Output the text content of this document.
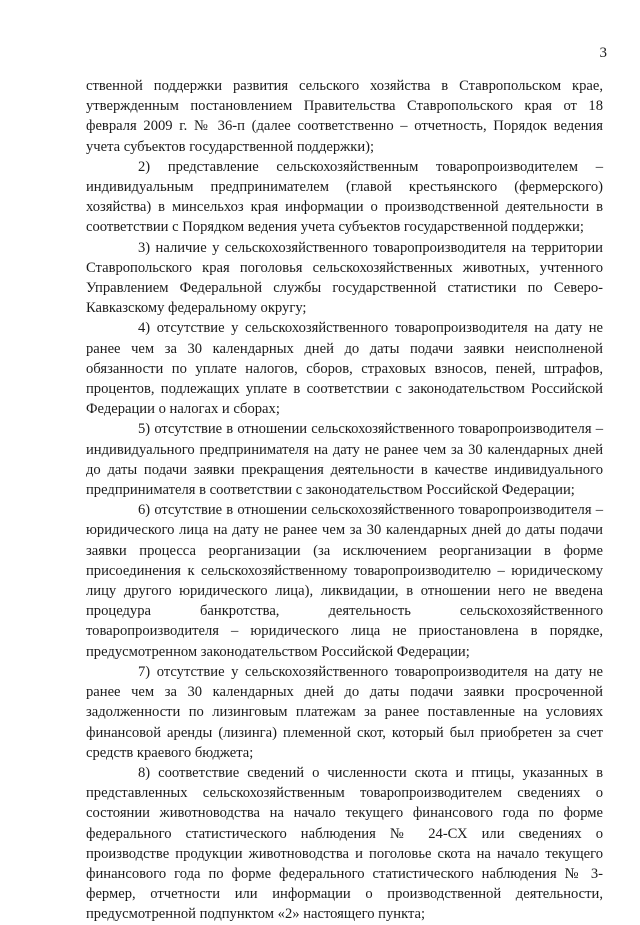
3

ственной поддержки развития сельского хозяйства в Ставропольском крае, утвержденным постановлением Правительства Ставропольского края от 18 февраля 2009 г. № 36-п (далее соответственно – отчетность, Порядок ведения учета субъектов государственной поддержки);

2) представление сельскохозяйственным товаропроизводителем – индивидуальным предпринимателем (главой крестьянского (фермерского) хозяйства) в минсельхоз края информации о производственной деятельности в соответствии с Порядком ведения учета субъектов государственной поддержки;

3) наличие у сельскохозяйственного товаропроизводителя на территории Ставропольского края поголовья сельскохозяйственных животных, учтенного Управлением Федеральной службы государственной статистики по Северо-Кавказскому федеральному округу;

4) отсутствие у сельскохозяйственного товаропроизводителя на дату не ранее чем за 30 календарных дней до даты подачи заявки неисполненой обязанности по уплате налогов, сборов, страховых взносов, пеней, штрафов, процентов, подлежащих уплате в соответствии с законодательством Российской Федерации о налогах и сборах;

5) отсутствие в отношении сельскохозяйственного товаропроизводителя – индивидуального предпринимателя на дату не ранее чем за 30 календарных дней до даты подачи заявки прекращения деятельности в качестве индивидуального предпринимателя в соответствии с законодательством Российской Федерации;

6) отсутствие в отношении сельскохозяйственного товаропроизводителя – юридического лица на дату не ранее чем за 30 календарных дней до даты подачи заявки процесса реорганизации (за исключением реорганизации в форме присоединения к сельскохозяйственному товаропроизводителю – юридическому лицу другого юридического лица), ликвидации, в отношении него не введена процедура банкротства, деятельность сельскохозяйственного товаропроизводителя – юридического лица не приостановлена в порядке, предусмотренном законодательством Российской Федерации;

7) отсутствие у сельскохозяйственного товаропроизводителя на дату не ранее чем за 30 календарных дней до даты подачи заявки просроченной задолженности по лизинговым платежам за ранее поставленные на условиях финансовой аренды (лизинга) племенной скот, который был приобретен за счет средств краевого бюджета;

8) соответствие сведений о численности скота и птицы, указанных в представленных сельскохозяйственным товаропроизводителем сведениях о состоянии животноводства на начало текущего финансового года по форме федерального статистического наблюдения № 24-СХ или сведениях о производстве продукции животноводства и поголовье скота на начало текущего финансового года по форме федерального статистического наблюдения № 3-фермер, отчетности или информации о производственной деятельности, предусмотренной подпунктом «2» настоящего пункта;
